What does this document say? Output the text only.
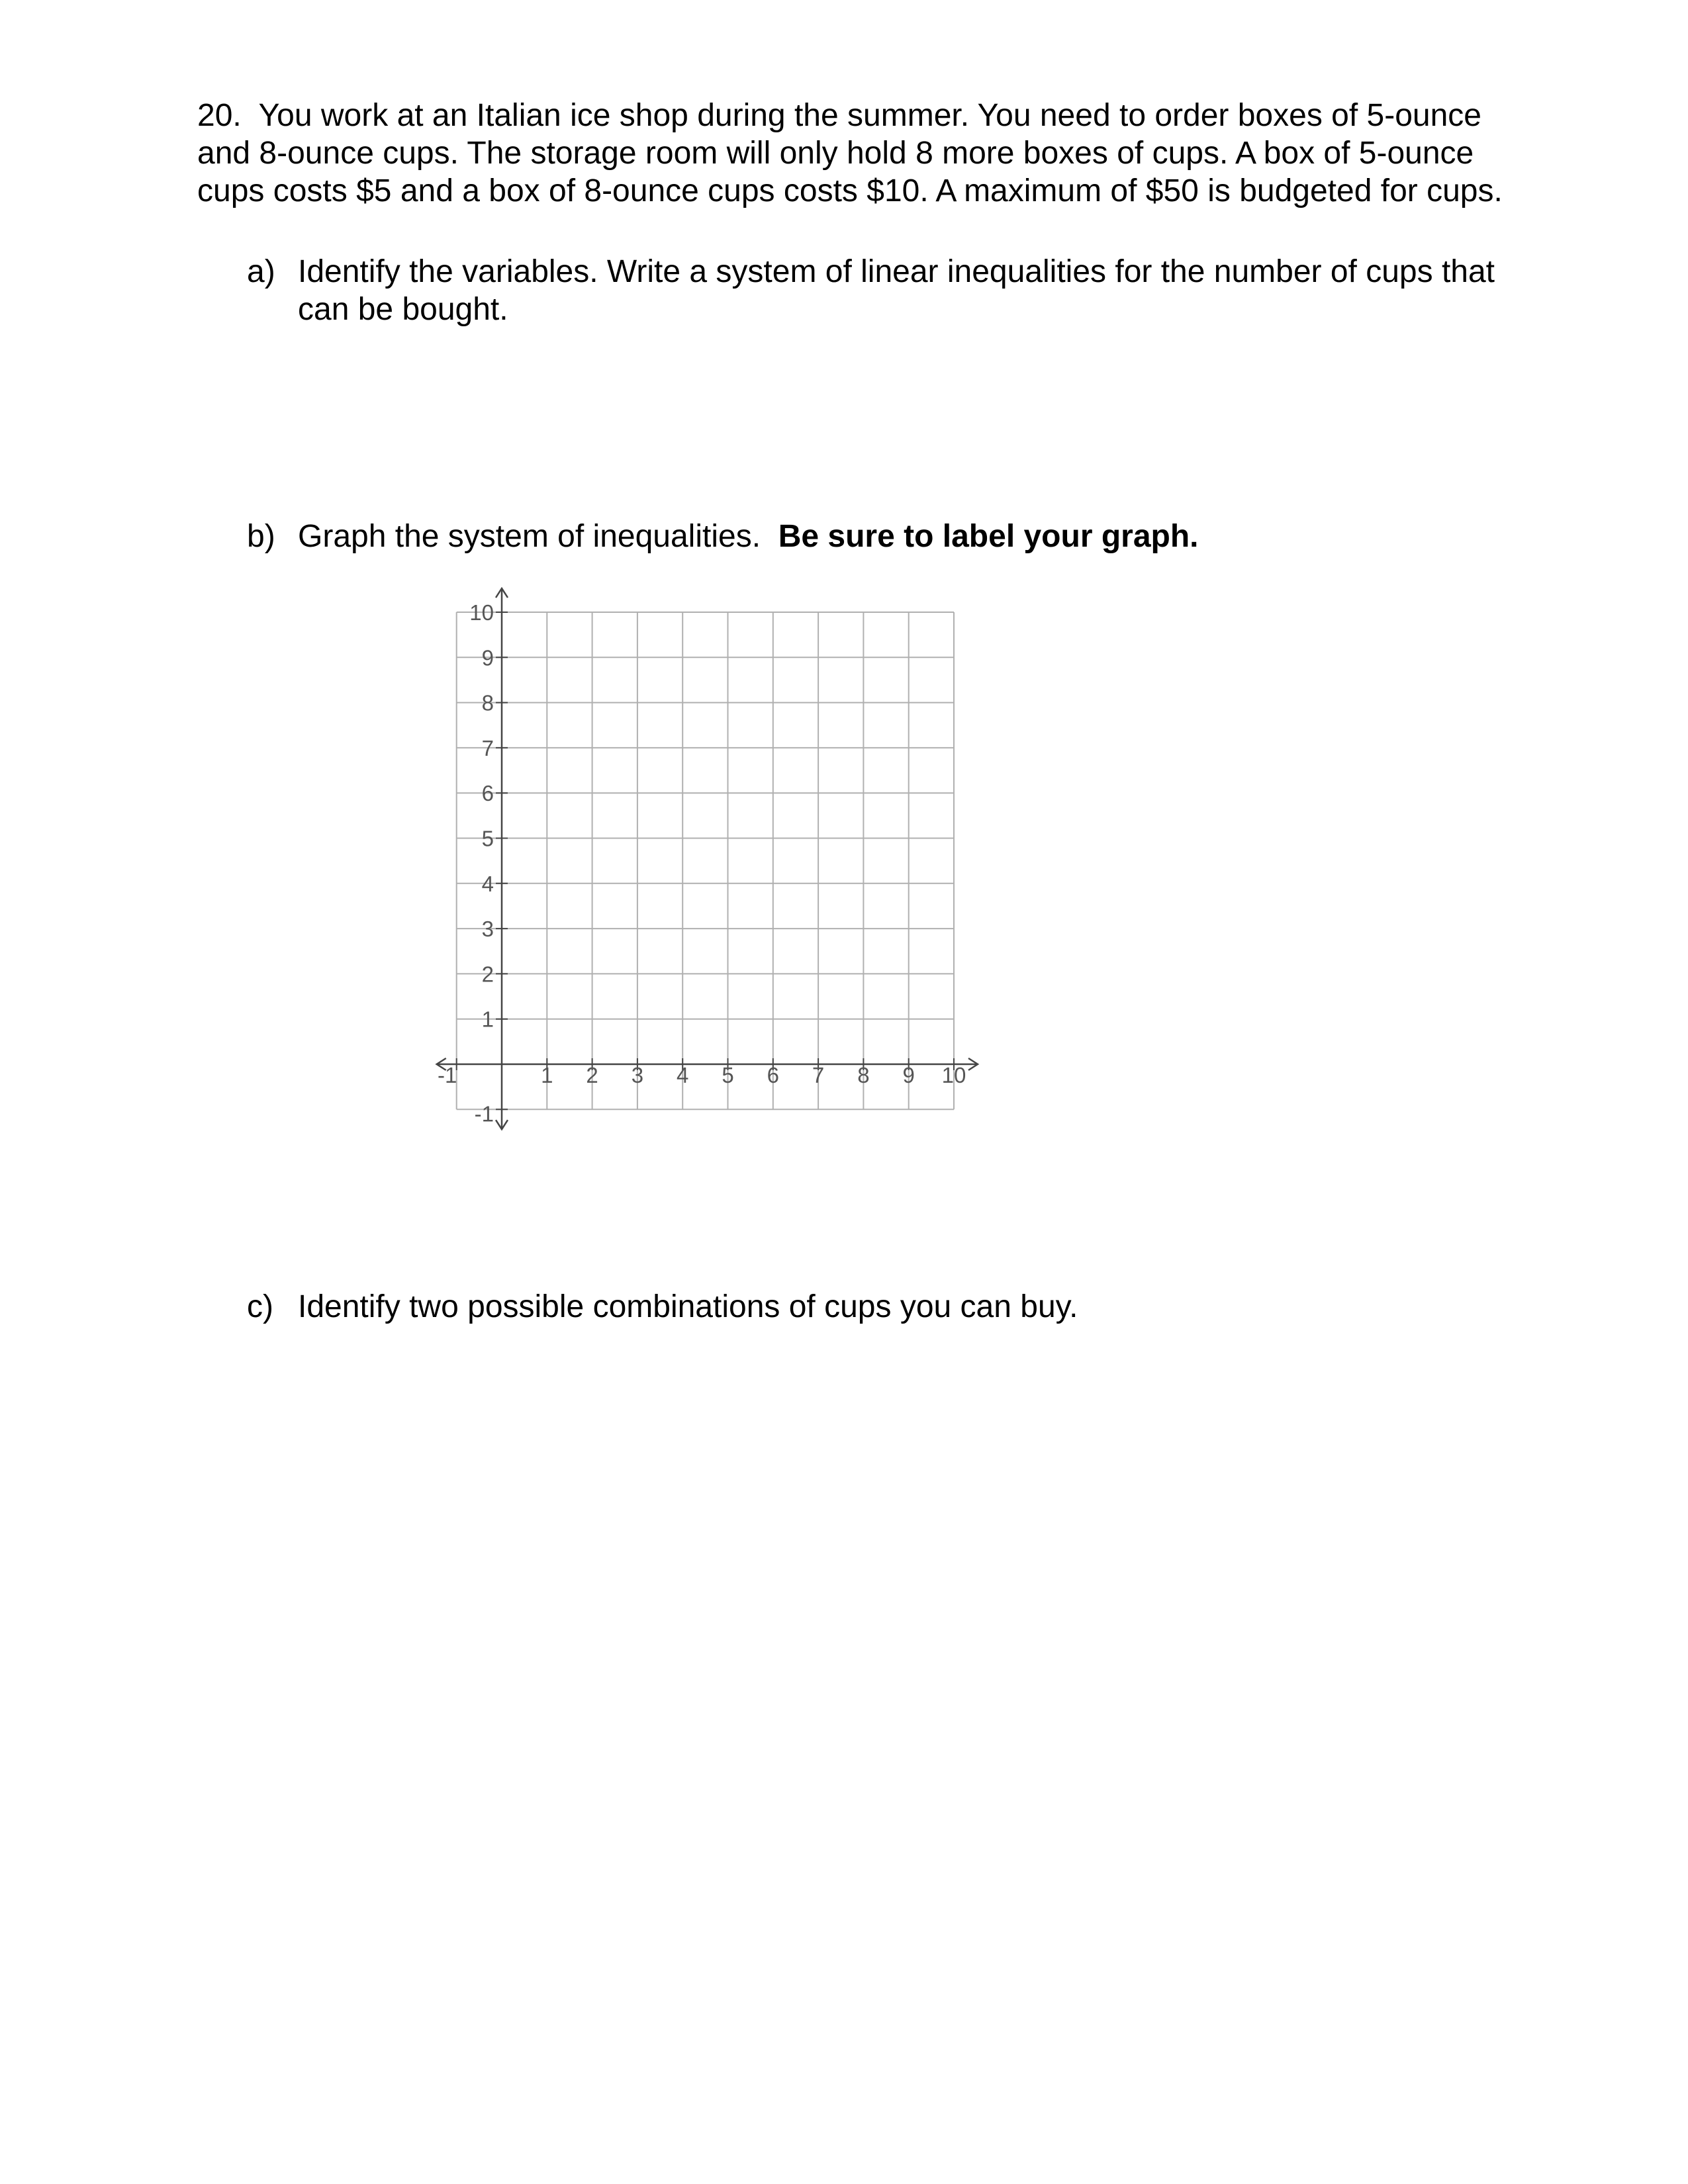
20. You work at an Italian ice shop during the summer. You need to order boxes of 5-ounce
and 8-ounce cups. The storage room will only hold 8 more boxes of cups. A box of 5-ounce
cups costs $5 and a box of 8-ounce cups costs $10. A maximum of $50 is budgeted for cups.
a) Identify the variables. Write a system of linear inequalities for the number of cups that
can be bought.
b) Graph the system of inequalities. Be sure to label your graph.
-1	1 2 3 4 5 6 7 8 9 10
10
9
8
7
6
5
4
3
2
1
-1
c) Identify two possible combinations of cups you can buy.
